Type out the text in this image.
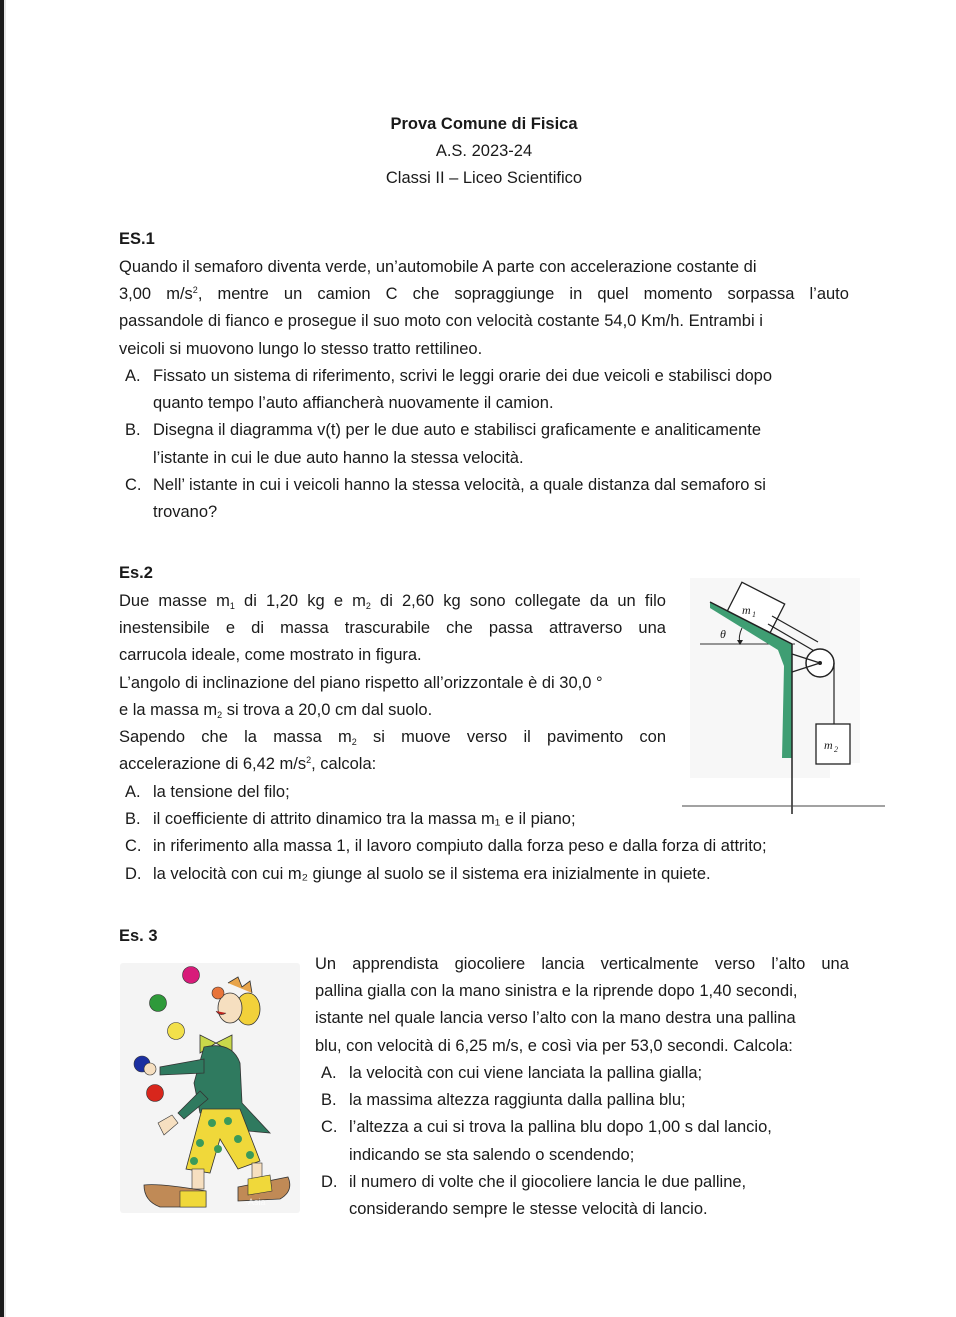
Prova Comune di Fisica
A.S. 2023-24
Classi II – Liceo Scientifico
ES.1
Quando il semaforo diventa verde, un’automobile A parte con accelerazione costante di
3,00 $m/s^2$, mentre un camion C che sopraggiunge in quel momento sorpassa l’auto
passandole di fianco e prosegue il suo moto con velocità costante 54,0 Km/h. Entrambi i
veicoli si muovono lungo lo stesso tratto rettilineo.
A. Fissato un sistema di riferimento, scrivi le leggi orarie dei due veicoli e stabilisci dopo
quanto tempo l’auto affiancherà nuovamente il camion.
B. Disegna il diagramma v(t) per le due auto e stabilisci graficamente e analiticamente
l’istante in cui le due auto hanno la stessa velocità.
C. Nell’ istante in cui i veicoli hanno la stessa velocità, a quale distanza dal semaforo si
trovano?
Es.2
Due masse $m_1$ di 1,20 kg e $m_2$ di 2,60 kg sono collegate da un filo
inestensibile e di massa trascurabile che passa attraverso una
carrucola ideale, come mostrato in figura.
L’angolo di inclinazione del piano rispetto all’orizzontale è di 30,0 °
e la massa $m_2$ si trova a 20,0 cm dal suolo.
Sapendo che la massa $m_2$ si muove verso il pavimento con
accelerazione di 6,42 $m/s^2$, calcola:
A. la tensione del filo;
B. il coefficiente di attrito dinamico tra la massa m₁ e il piano;
C. in riferimento alla massa 1, il lavoro compiuto dalla forza peso e dalla forza di attrito;
D. la velocità con cui m₂ giunge al suolo se il sistema era inizialmente in quiete.
m 1
m 2
θ
Es. 3
Asia
Un apprendista giocoliere lancia verticalmente verso l’alto una
pallina gialla con la mano sinistra e la riprende dopo 1,40 secondi,
istante nel quale lancia verso l’alto con la mano destra una pallina
blu, con velocità di 6,25 m/s, e così via per 53,0 secondi. Calcola:
A. la velocità con cui viene lanciata la pallina gialla;
B. la massima altezza raggiunta dalla pallina blu;
C. l’altezza a cui si trova la pallina blu dopo 1,00 s dal lancio,
indicando se sta salendo o scendendo;
D. il numero di volte che il giocoliere lancia le due palline,
considerando sempre le stesse velocità di lancio.
